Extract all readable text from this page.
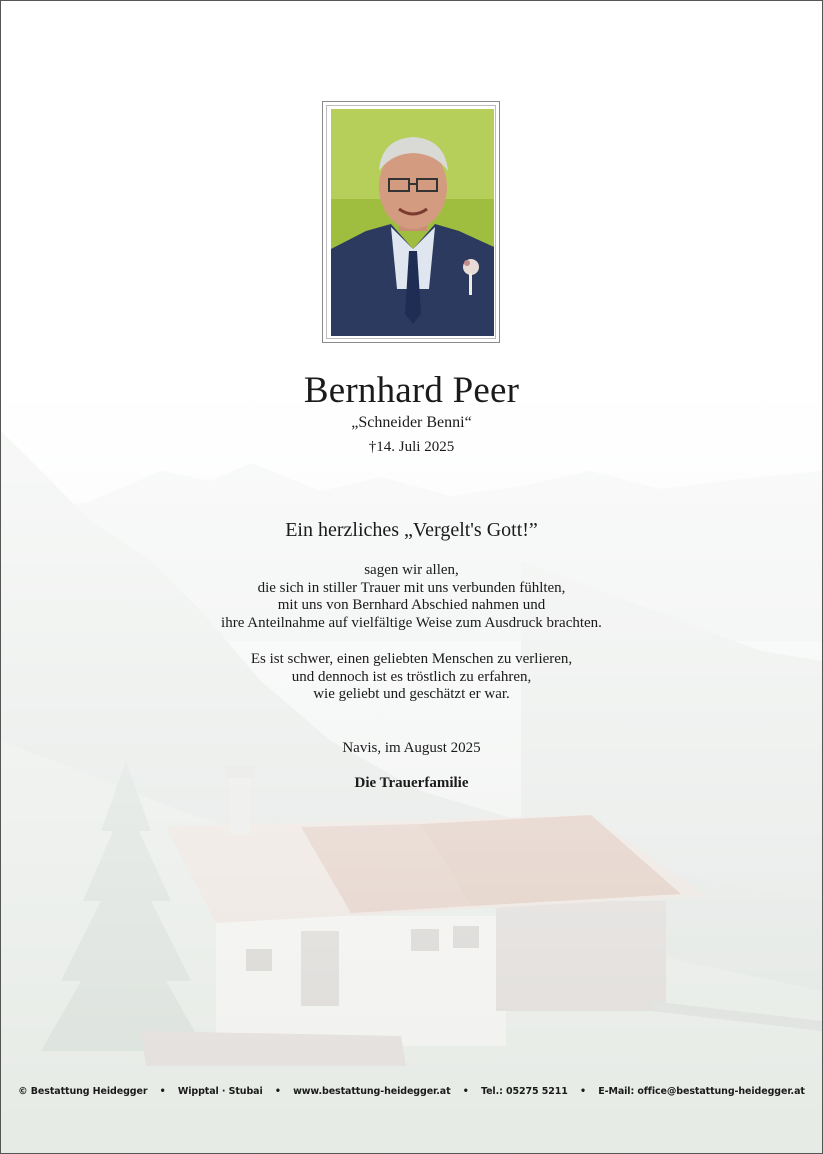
Bernhard Peer
„Schneider Benni“
†14. Juli 2025
Ein herzliches „Vergelt's Gott!”
sagen wir allen,
die sich in stiller Trauer mit uns verbunden fühlten,
mit uns von Bernhard Abschied nahmen und
ihre Anteilnahme auf vielfältige Weise zum Ausdruck brachten.
Es ist schwer, einen geliebten Menschen zu verlieren,
und dennoch ist es tröstlich zu erfahren,
wie geliebt und geschätzt er war.
Navis, im August 2025
Die Trauerfamilie
© Bestattung Heidegger • Wipptal · Stubai • www.bestattung-heidegger.at • Tel.: 05275 5211 • E-Mail: office@bestattung-heidegger.at
